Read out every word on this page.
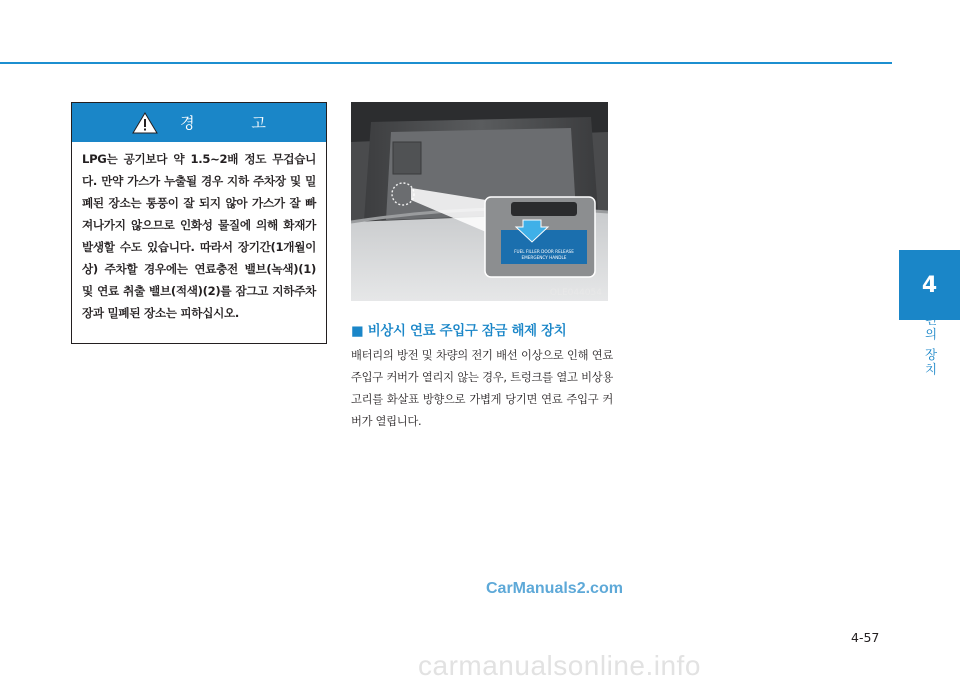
경 고
LPG는 공기보다 약 1.5~2배 정도 무겁습니다. 만약 가스가 누출될 경우 지하 주차장 및 밀폐된 장소는 통풍이 잘 되지 않아 가스가 잘 빠져나가지 않으므로 인화성 물질에 의해 화재가 발생할 수도 있습니다. 따라서 장기간(1개월이상) 주차할 경우에는 연료충전 밸브(녹색)(1) 및 연료 취출 밸브(적색)(2)를 잠그고 지하주차장과 밀폐된 장소는 피하십시오.
FUEL FILLER DOOR RELEASE
EMERGENCY HANDLE
OLE044054
■ 비상시 연료 주입구 잠금 해제 장치
배터리의 방전 및 차량의 전기 배선 이상으로 인해 연료 주입구 커버가 열리지 않는 경우, 트렁크를 열고 비상용 고리를 화살표 방향으로 가볍게 당기면 연료 주입구 커버가 열립니다.
4
편의 장치
CarManuals2.com
4-57
carmanualsonline.info
